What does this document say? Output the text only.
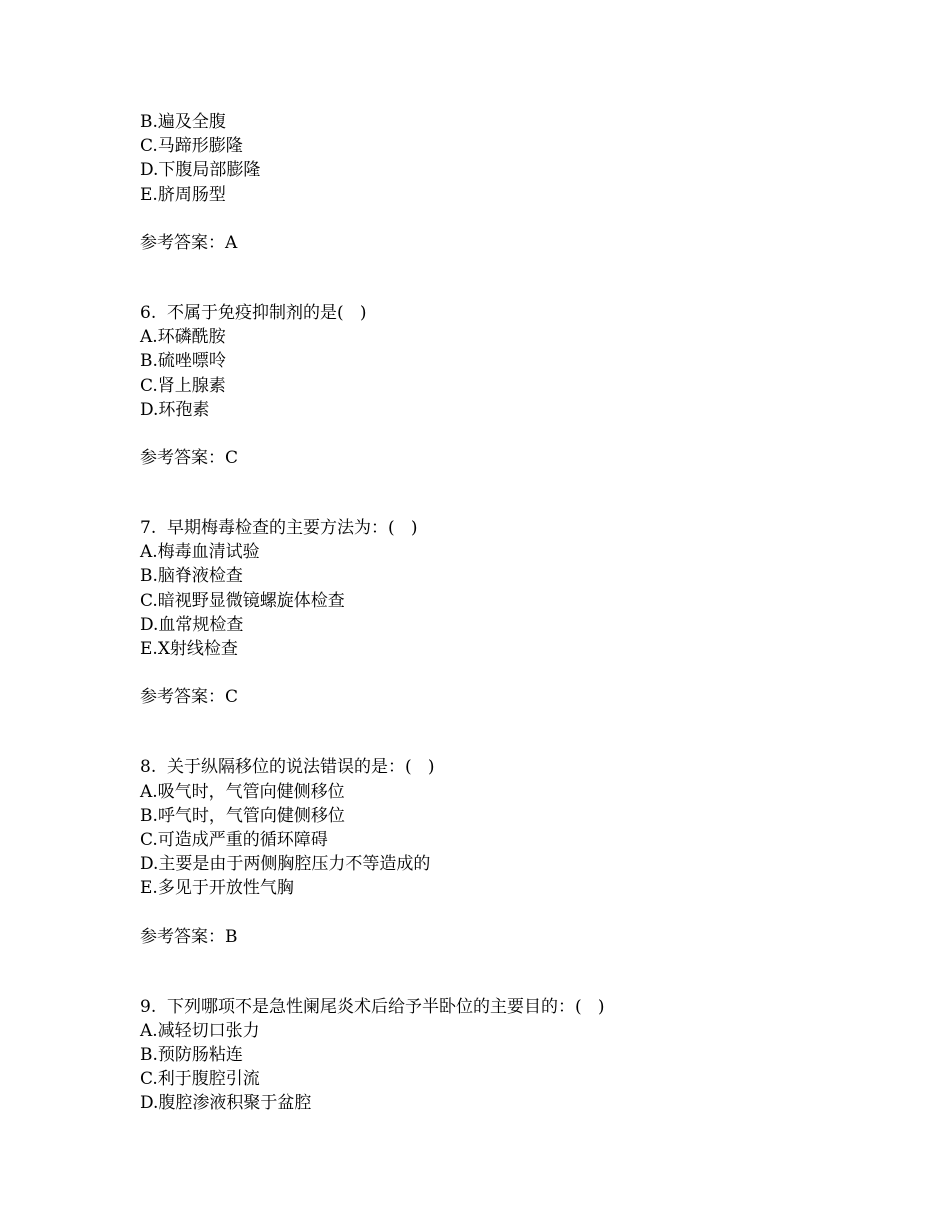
B.遍及全腹
C.马蹄形膨隆
D.下腹局部膨隆
E.脐周肠型
参考答案：A
6.  不属于免疫抑制剂的是(   )
A.环磷酰胺
B.硫唑嘌呤
C.肾上腺素
D.环孢素
参考答案：C
7.  早期梅毒检查的主要方法为：(   )
A.梅毒血清试验
B.脑脊液检查
C.暗视野显微镜螺旋体检查
D.血常规检查
E.X射线检查
参考答案：C
8.  关于纵隔移位的说法错误的是：(   )
A.吸气时，气管向健侧移位
B.呼气时，气管向健侧移位
C.可造成严重的循环障碍
D.主要是由于两侧胸腔压力不等造成的
E.多见于开放性气胸
参考答案：B
9.  下列哪项不是急性阑尾炎术后给予半卧位的主要目的：(   )
A.减轻切口张力
B.预防肠粘连
C.利于腹腔引流
D.腹腔渗液积聚于盆腔
